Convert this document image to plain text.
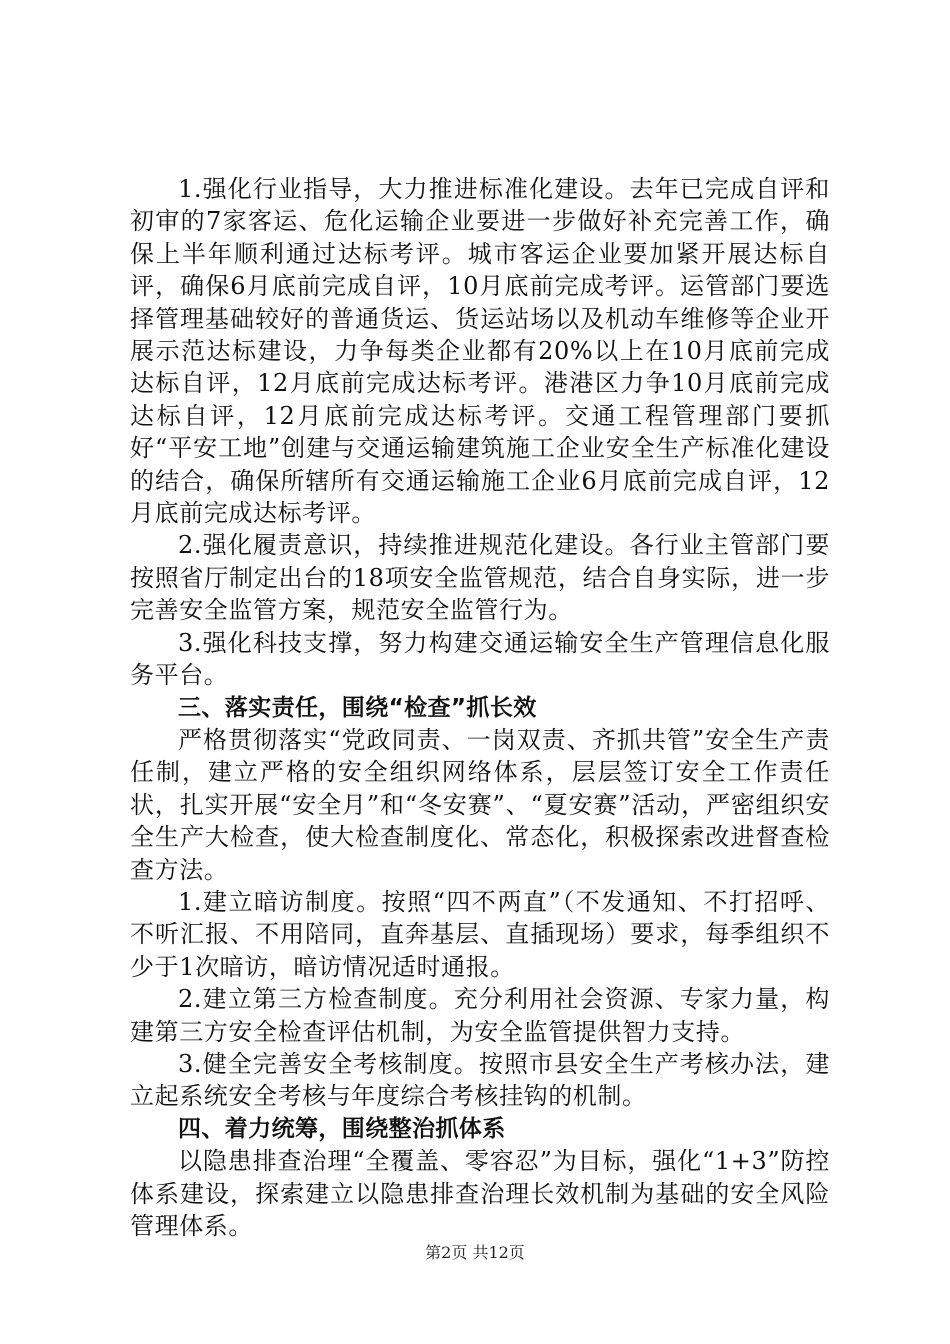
1.强化行业指导，大力推进标准化建设。去年已完成自评和初审的7家客运、危化运输企业要进一步做好补充完善工作，确保上半年顺利通过达标考评。城市客运企业要加紧开展达标自评，确保6月底前完成自评，10月底前完成考评。运管部门要选择管理基础较好的普通货运、货运站场以及机动车维修等企业开展示范达标建设，力争每类企业都有20%以上在10月底前完成达标自评，12月底前完成达标考评。港港区力争10月底前完成达标自评，12月底前完成达标考评。交通工程管理部门要抓好“平安工地”创建与交通运输建筑施工企业安全生产标准化建设的结合，确保所辖所有交通运输施工企业6月底前完成自评，12月底前完成达标考评。

2.强化履责意识，持续推进规范化建设。各行业主管部门要按照省厅制定出台的18项安全监管规范，结合自身实际，进一步完善安全监管方案，规范安全监管行为。

3.强化科技支撑，努力构建交通运输安全生产管理信息化服务平台。

三、落实责任，围绕“检查”抓长效

严格贯彻落实“党政同责、一岗双责、齐抓共管”安全生产责任制，建立严格的安全组织网络体系，层层签订安全工作责任状，扎实开展“安全月”和“冬安赛”、“夏安赛”活动，严密组织安全生产大检查，使大检查制度化、常态化，积极探索改进督查检查方法。

1.建立暗访制度。按照“四不两直”（不发通知、不打招呼、不听汇报、不用陪同，直奔基层、直插现场）要求，每季组织不少于1次暗访，暗访情况适时通报。

2.建立第三方检查制度。充分利用社会资源、专家力量，构建第三方安全检查评估机制，为安全监管提供智力支持。

3.健全完善安全考核制度。按照市县安全生产考核办法，建立起系统安全考核与年度综合考核挂钩的机制。

四、着力统筹，围绕整治抓体系

以隐患排查治理“全覆盖、零容忍”为目标，强化“1+3”防控体系建设，探索建立以隐患排查治理长效机制为基础的安全风险管理体系。

第2页 共12页
